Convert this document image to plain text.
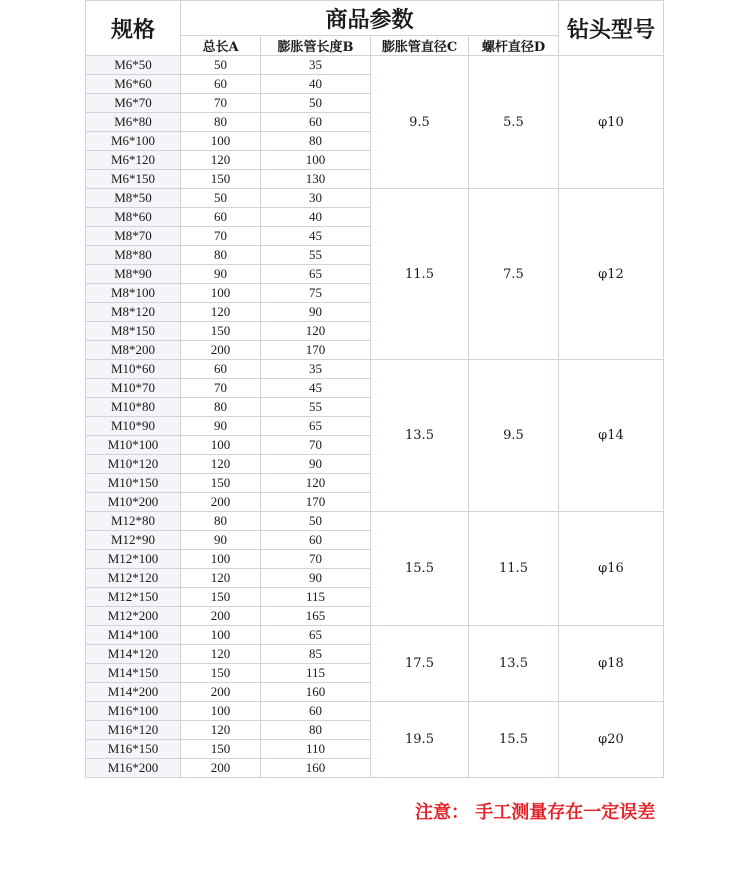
规格	商品参数				钻头型号
	总长A	膨胀管长度B	膨胀管直径C	螺杆直径D	
M6*50	50	35	9.5	5.5	φ10
M6*60	60	40			
M6*70	70	50			
M6*80	80	60			
M6*100	100	80			
M6*120	120	100			
M6*150	150	130			
M8*50	50	30	11.5	7.5	φ12
M8*60	60	40			
M8*70	70	45			
M8*80	80	55			
M8*90	90	65			
M8*100	100	75			
M8*120	120	90			
M8*150	150	120			
M8*200	200	170			
M10*60	60	35	13.5	9.5	φ14
M10*70	70	45			
M10*80	80	55			
M10*90	90	65			
M10*100	100	70			
M10*120	120	90			
M10*150	150	120			
M10*200	200	170			
M12*80	80	50	15.5	11.5	φ16
M12*90	90	60			
M12*100	100	70			
M12*120	120	90			
M12*150	150	115			
M12*200	200	165			
M14*100	100	65	17.5	13.5	φ18
M14*120	120	85			
M14*150	150	115			
M14*200	200	160			
M16*100	100	60	19.5	15.5	φ20
M16*120	120	80			
M16*150	150	110			
M16*200	200	160			
注意： 手工测量存在一定误差
